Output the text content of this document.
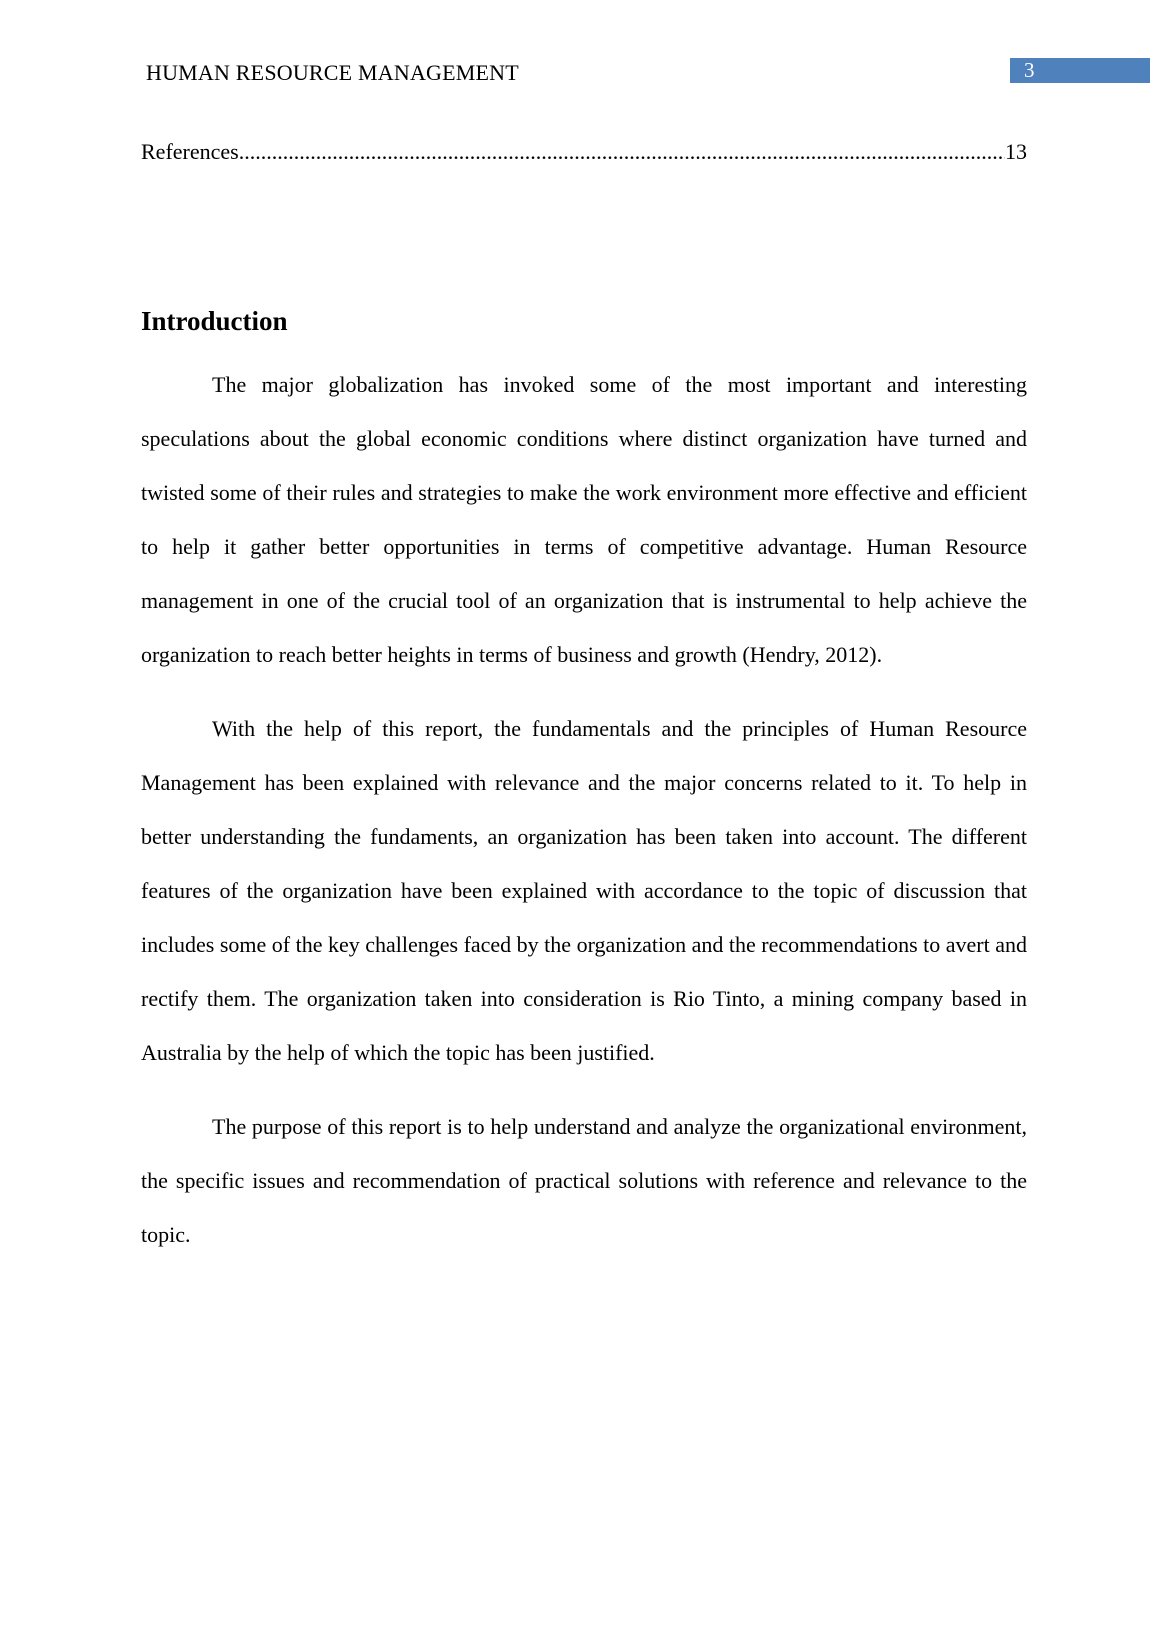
HUMAN RESOURCE MANAGEMENT	3
References
.....	13
Introduction

The major globalization has invoked some of the most important and interesting speculations about the global economic conditions where distinct organization have turned and twisted some of their rules and strategies to make the work environment more effective and efficient to help it gather better opportunities in terms of competitive advantage. Human Resource management in one of the crucial tool of an organization that is instrumental to help achieve the organization to reach better heights in terms of business and growth (Hendry, 2012).

With the help of this report, the fundamentals and the principles of Human Resource Management has been explained with relevance and the major concerns related to it. To help in better understanding the fundaments, an organization has been taken into account. The different features of the organization have been explained with accordance to the topic of discussion that includes some of the key challenges faced by the organization and the recommendations to avert and rectify them. The organization taken into consideration is Rio Tinto, a mining company based in Australia by the help of which the topic has been justified.

The purpose of this report is to help understand and analyze the organizational environment, the specific issues and recommendation of practical solutions with reference and relevance to the topic.
